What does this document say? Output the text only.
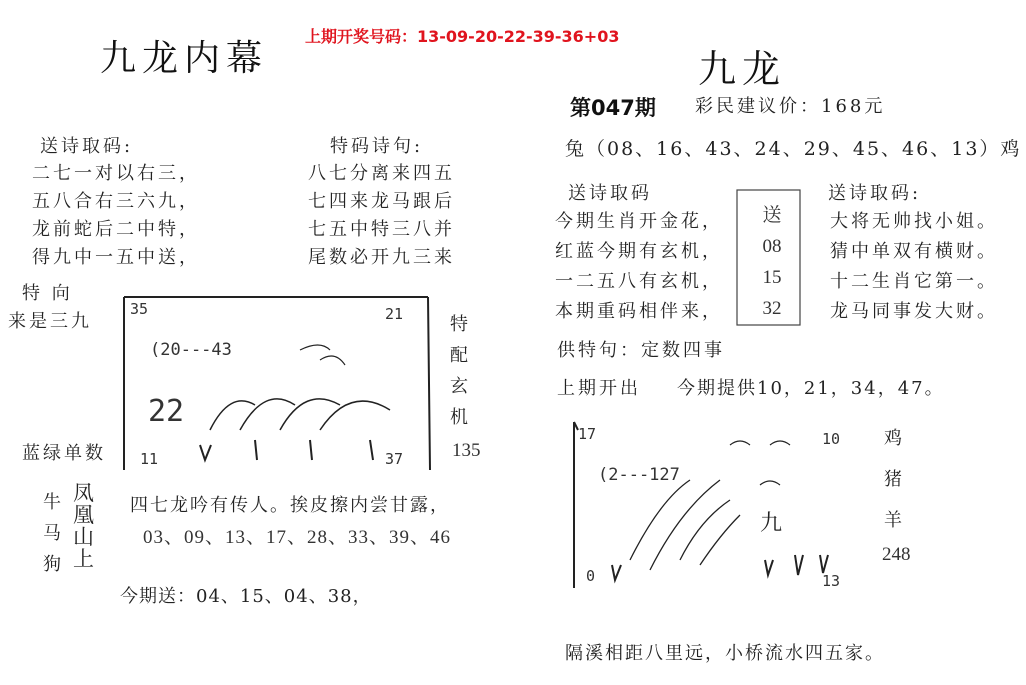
上期开奖号码：13-09-20-22-39-36+03
九龙内幕
送诗取码:
二七一对以右三，
五八合右三六九，
龙前蛇后二中特，
得九中一五中送，
特码诗句:
八七分离来四五
七四来龙马跟后
七五中特三八并
尾数必开九三来
特 向
来是三九
蓝绿单数
35	21
(20---43
22
11	37
特
配
玄
机
135
牛
马
狗
凤
凰
山
上
四七龙吟有传人。挨皮擦内尝甘露，
03、09、13、17、28、33、39、46
今期送：04、15、04、38，
九龙
第047期 彩民建议价：168元
兔（08、16、43、24、29、45、46、13）鸡
送诗取码
今期生肖开金花，
红蓝今期有玄机，
一二五八有玄机，
本期重码相伴来，
送
08
15
32
送诗取码:
大将无帅找小姐。
猜中单双有横财。
十二生肖它第一。
龙马同事发大财。
供特句：定数四事
上期开出 今期提供10，21，34，47。
17	10
(2---127
九
0	13
鸡
猪
羊
248
隔溪相距八里远，小桥流水四五家。
